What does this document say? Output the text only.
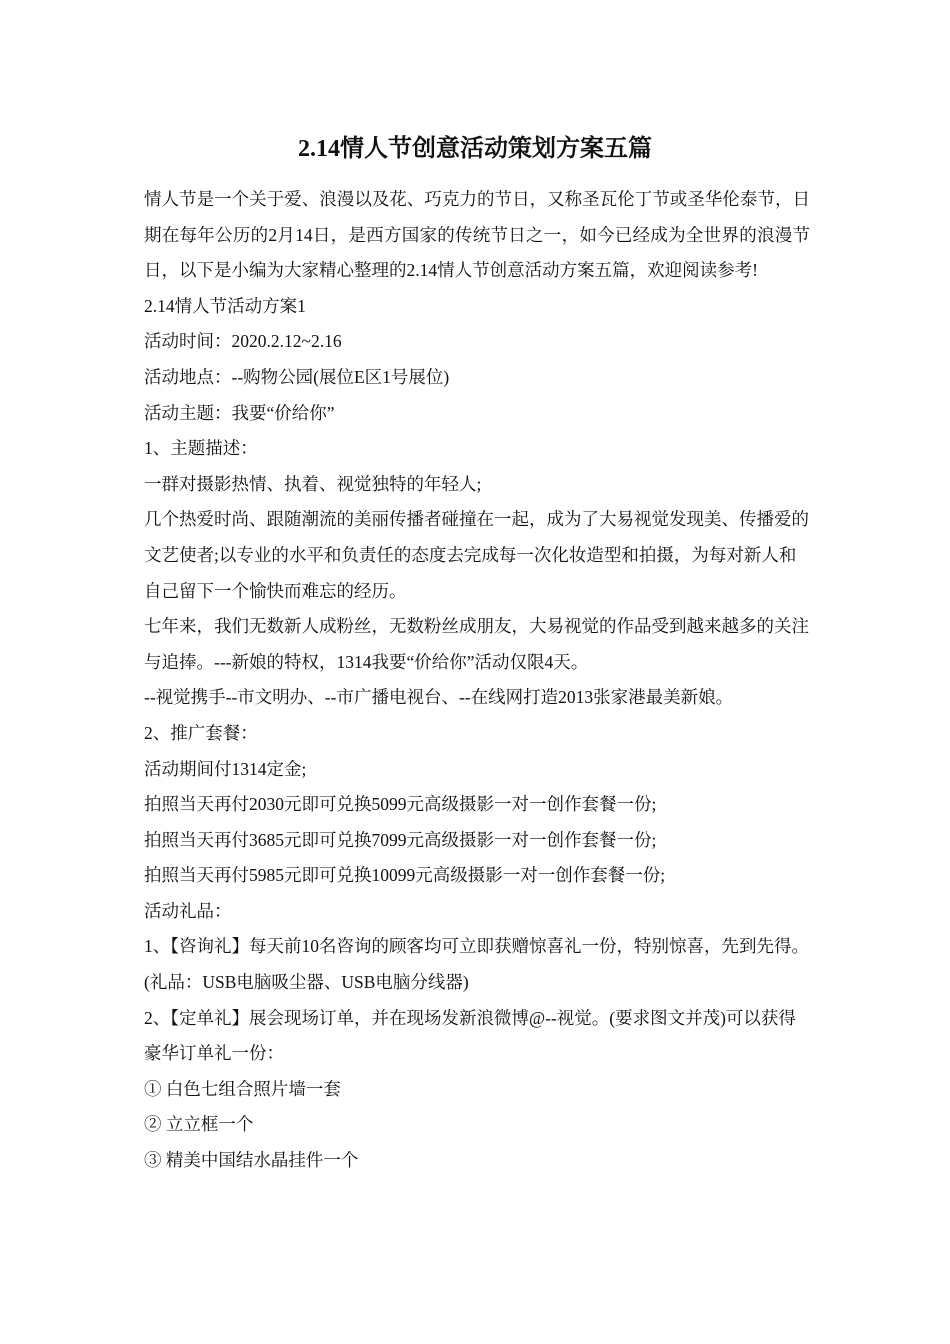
2.14情人节创意活动策划方案五篇

情人节是一个关于爱、浪漫以及花、巧克力的节日，又称圣瓦伦丁节或圣华伦泰节，日期在每年公历的2月14日，是西方国家的传统节日之一，如今已经成为全世界的浪漫节日，以下是小编为大家精心整理的2.14情人节创意活动方案五篇，欢迎阅读参考!

2.14情人节活动方案1

活动时间：2020.2.12~2.16

活动地点：--购物公园(展位E区1号展位)

活动主题：我要“价给你”

1、主题描述：

一群对摄影热情、执着、视觉独特的年轻人;

几个热爱时尚、跟随潮流的美丽传播者碰撞在一起，成为了大易视觉发现美、传播爱的文艺使者;以专业的水平和负责任的态度去完成每一次化妆造型和拍摄，为每对新人和自己留下一个愉快而难忘的经历。

七年来，我们无数新人成粉丝，无数粉丝成朋友，大易视觉的作品受到越来越多的关注与追捧。---新娘的特权，1314我要“价给你”活动仅限4天。

--视觉携手--市文明办、--市广播电视台、--在线网打造2013张家港最美新娘。

2、推广套餐：

活动期间付1314定金;

拍照当天再付2030元即可兑换5099元高级摄影一对一创作套餐一份;

拍照当天再付3685元即可兑换7099元高级摄影一对一创作套餐一份;

拍照当天再付5985元即可兑换10099元高级摄影一对一创作套餐一份;

活动礼品：

1、【咨询礼】每天前10名咨询的顾客均可立即获赠惊喜礼一份，特别惊喜，先到先得。(礼品：USB电脑吸尘器、USB电脑分线器)

2、【定单礼】展会现场订单，并在现场发新浪微博@--视觉。(要求图文并茂)可以获得豪华订单礼一份：

① 白色七组合照片墙一套

② 立立框一个

③ 精美中国结水晶挂件一个
